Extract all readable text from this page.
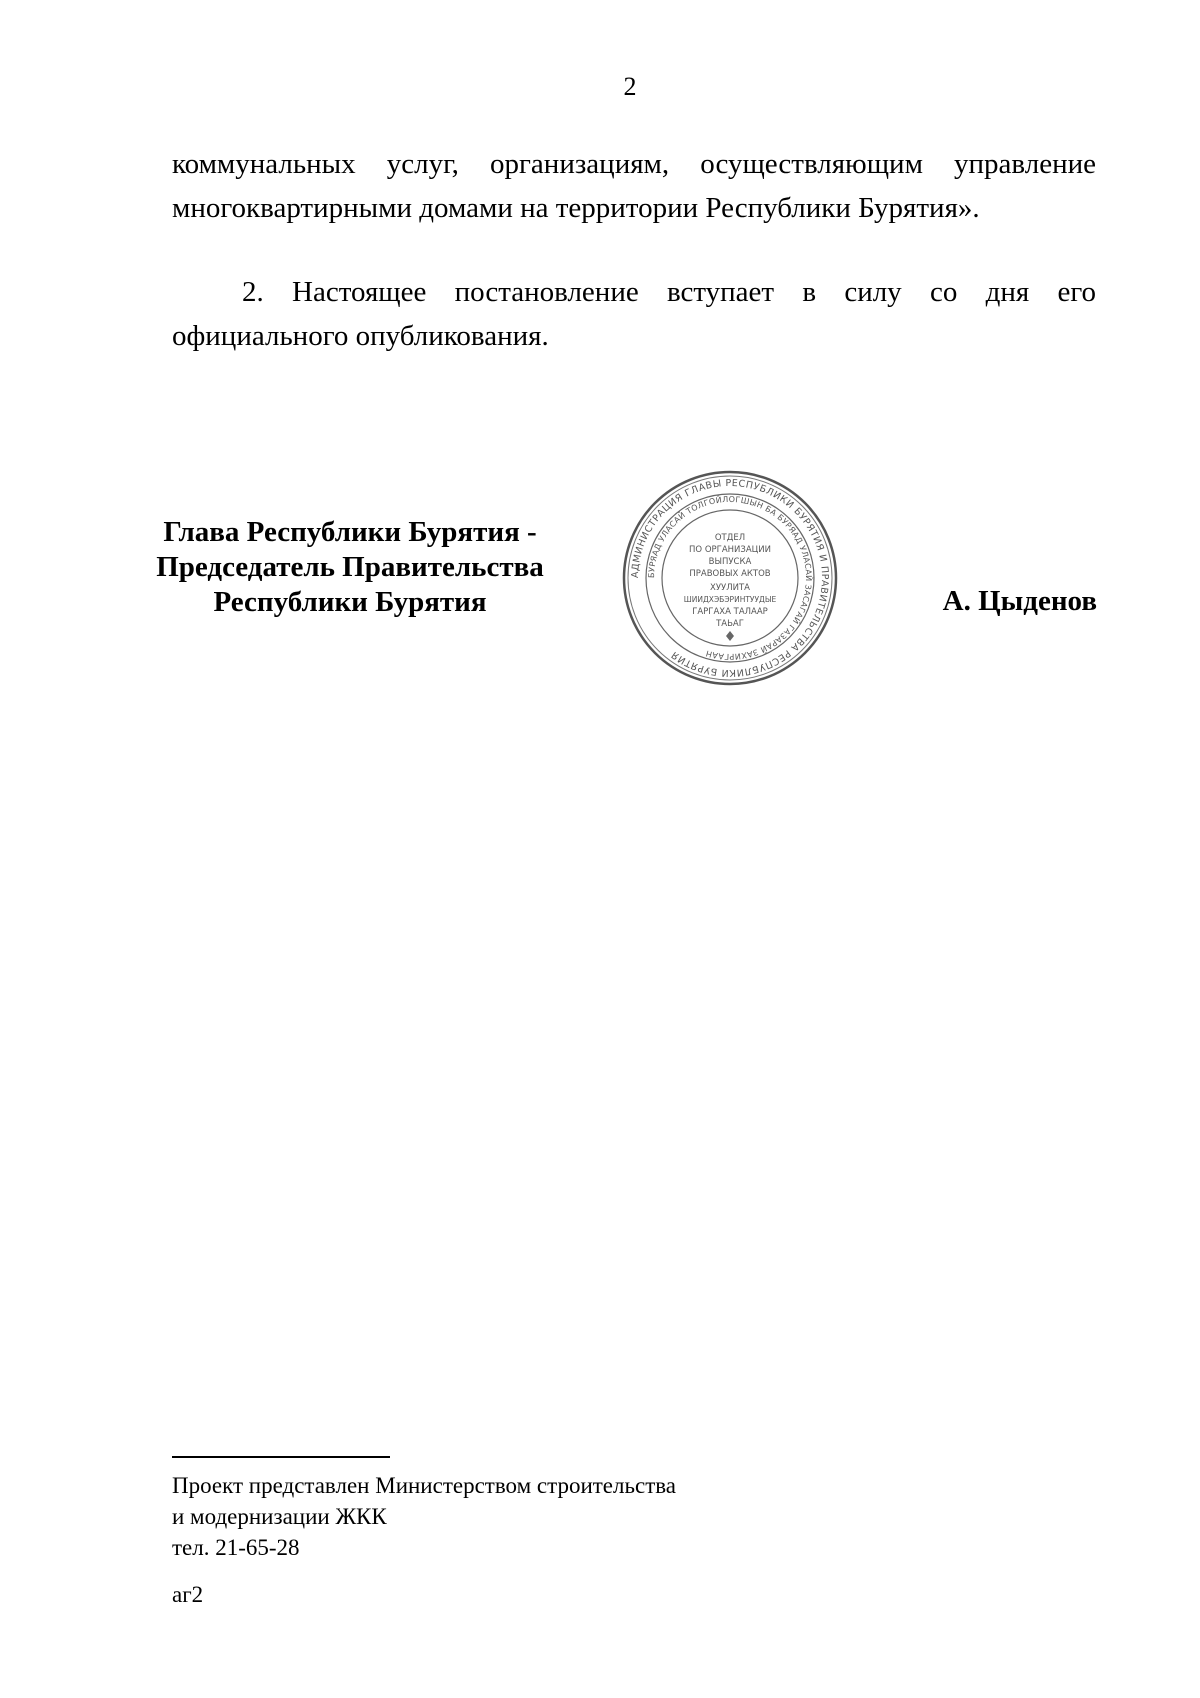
2
коммунальных услуг, организациям, осуществляющим управление многоквартирными домами на территории Республики Бурятия».
2. Настоящее постановление вступает в силу со дня его официального опубликования.
Глава Республики Бурятия -
Председатель Правительства
Республики Бурятия
АДМИНИСТРАЦИЯ ГЛАВЫ РЕСПУБЛИКИ БУРЯТИЯ И ПРАВИТЕЛЬСТВА РЕСПУБЛИКИ БУРЯТИЯ
БУРЯАД УЛАСАЙ ТОЛГОЙЛОГШЫН БА БУРЯАД УЛАСАЙ ЗАСАГАЙ ГАЗАРАЙ ЗАХИРГААН
ОТДЕЛ
ПО ОРГАНИЗАЦИИ
ВЫПУСКА
ПРАВОВЫХ АКТОВ
ХУУЛИТА
ШИИДХЭБЭРИНТУУДЫЕ
ГАРГАХА ТАЛААР
ТАЬАГ
А. Цыденов
Проект представлен Министерством строительства
и модернизации ЖКК
тел. 21-65-28
аг2
